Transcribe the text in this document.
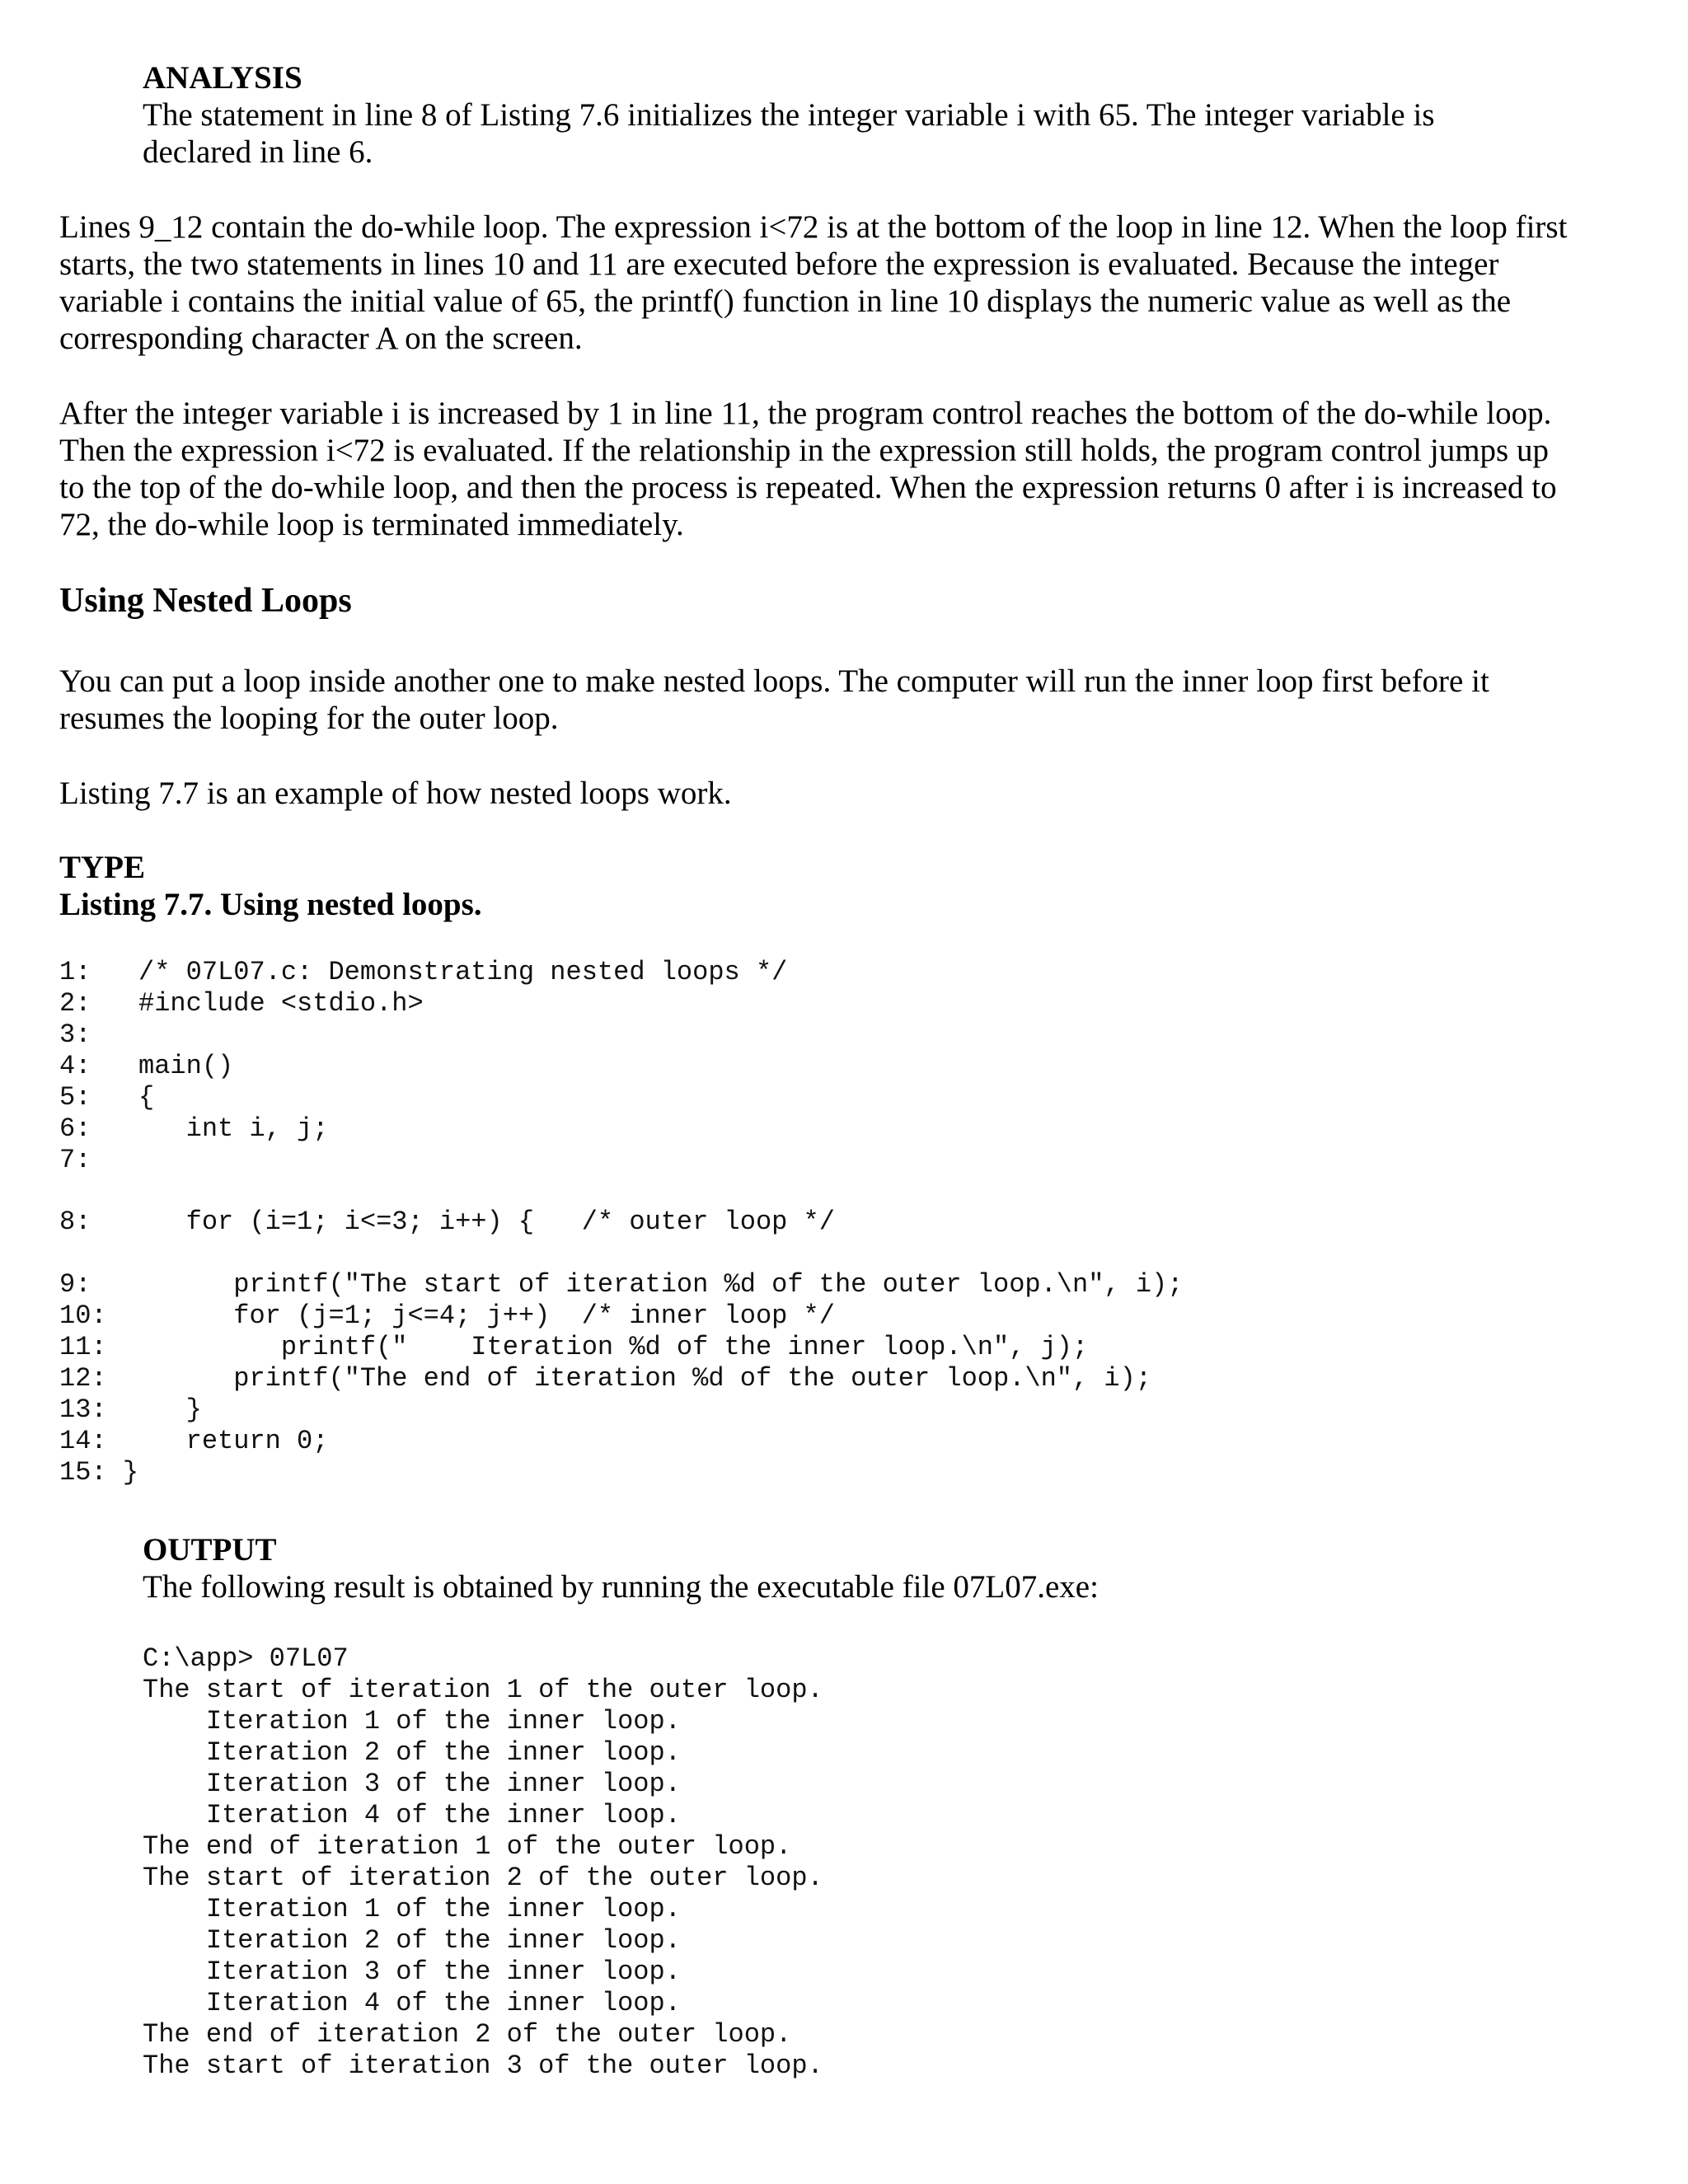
ANALYSIS
The statement in line 8 of Listing 7.6 initializes the integer variable i with 65. The integer variable is
declared in line 6.
Lines 9_12 contain the do-while loop. The expression i<72 is at the bottom of the loop in line 12. When the loop first
starts, the two statements in lines 10 and 11 are executed before the expression is evaluated. Because the integer
variable i contains the initial value of 65, the printf() function in line 10 displays the numeric value as well as the
corresponding character A on the screen.
After the integer variable i is increased by 1 in line 11, the program control reaches the bottom of the do-while loop.
Then the expression i<72 is evaluated. If the relationship in the expression still holds, the program control jumps up
to the top of the do-while loop, and then the process is repeated. When the expression returns 0 after i is increased to
72, the do-while loop is terminated immediately.
Using Nested Loops
You can put a loop inside another one to make nested loops. The computer will run the inner loop first before it
resumes the looping for the outer loop.
Listing 7.7 is an example of how nested loops work.
TYPE
Listing 7.7. Using nested loops.
1:   /* 07L07.c: Demonstrating nested loops */
2:   #include <stdio.h>
3:
4:   main()
5:   {
6:      int i, j;
7:
8:      for (i=1; i<=3; i++) {   /* outer loop */
9:         printf("The start of iteration %d of the outer loop.\n", i);
10:        for (j=1; j<=4; j++)  /* inner loop */
11:           printf("    Iteration %d of the inner loop.\n", j);
12:        printf("The end of iteration %d of the outer loop.\n", i);
13:     }
14:     return 0;
15: }
OUTPUT
The following result is obtained by running the executable file 07L07.exe:
C:\app> 07L07
The start of iteration 1 of the outer loop.
Iteration 1 of the inner loop.
Iteration 2 of the inner loop.
Iteration 3 of the inner loop.
Iteration 4 of the inner loop.
The end of iteration 1 of the outer loop.
The start of iteration 2 of the outer loop.
Iteration 1 of the inner loop.
Iteration 2 of the inner loop.
Iteration 3 of the inner loop.
Iteration 4 of the inner loop.
The end of iteration 2 of the outer loop.
The start of iteration 3 of the outer loop.
